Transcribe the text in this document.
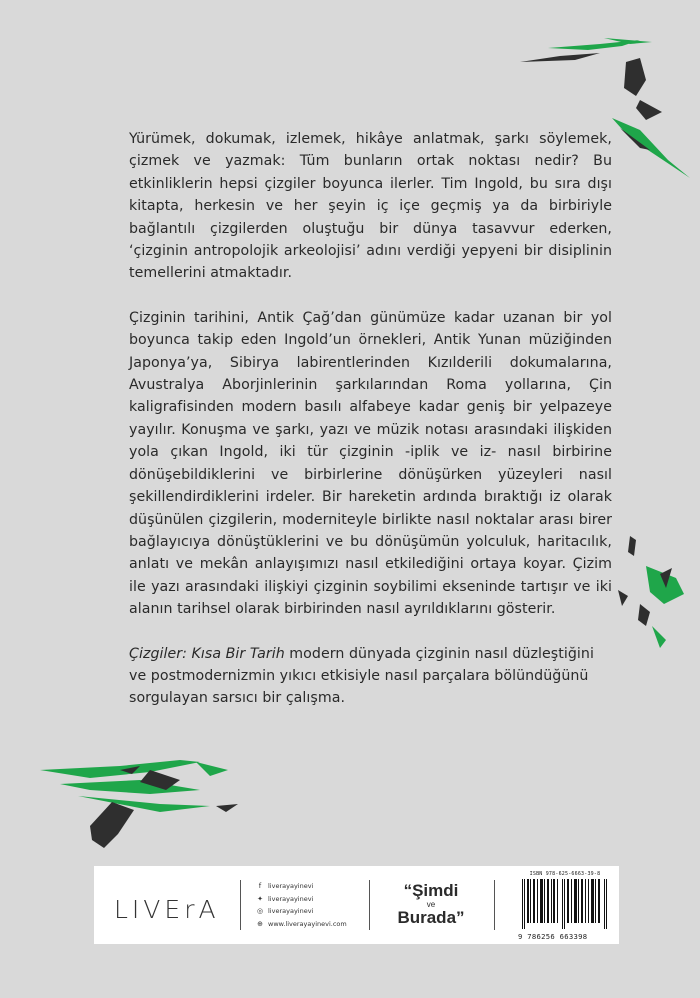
Yürümek, dokumak, izlemek, hikâye anlatmak, şarkı söylemek, çizmek ve yazmak: Tüm bunların ortak noktası nedir? Bu etkinliklerin hepsi çizgiler boyunca ilerler. Tim Ingold, bu sıra dışı kitapta, herkesin ve her şeyin iç içe geçmiş ya da birbiriyle bağlantılı çizgilerden oluştuğu bir dünya tasavvur ederken, ‘çizginin antropolojik arkeolojisi’ adını verdiği yepyeni bir disiplinin temellerini atmaktadır.

Çizginin tarihini, Antik Çağ’dan günümüze kadar uzanan bir yol boyunca takip eden Ingold’un örnekleri, Antik Yunan müziğinden Japonya’ya, Sibirya labirentlerinden Kızılderili dokumalarına, Avustralya Aborjinlerinin şarkılarından Roma yollarına, Çin kaligrafisinden modern basılı alfabeye kadar geniş bir yelpazeye yayılır. Konuşma ve şarkı, yazı ve müzik notası arasındaki ilişkiden yola çıkan Ingold, iki tür çizginin -iplik ve iz- nasıl birbirine dönüşebildiklerini ve birbirlerine dönüşürken yüzeyleri nasıl şekillendirdiklerini irdeler. Bir hareketin ardında bıraktığı iz olarak düşünülen çizgilerin, moderniteyle birlikte nasıl noktalar arası birer bağlayıcıya dönüştüklerini ve bu dönüşümün yolculuk, haritacılık, anlatı ve mekân anlayışımızı nasıl etkilediğini ortaya koyar. Çizim ile yazı arasındaki ilişkiyi çizginin soybilimi ekseninde tartışır ve iki alanın tarihsel olarak birbirinden nasıl ayrıldıklarını gösterir.

Çizgiler: Kısa Bir Tarih modern dünyada çizginin nasıl düzleştiğini ve postmodernizmin yıkıcı etkisiyle nasıl parçalara bölündüğünü sorgulayan sarsıcı bir çalışma.

LIVErA
f	liverayayinevi
✦ liverayayinevi
◎ liverayayinevi
⊕ www.liverayayinevi.com
“Şimdi
ve
Burada”
ISBN 978-625-6663-39-8
9 786256 663398
